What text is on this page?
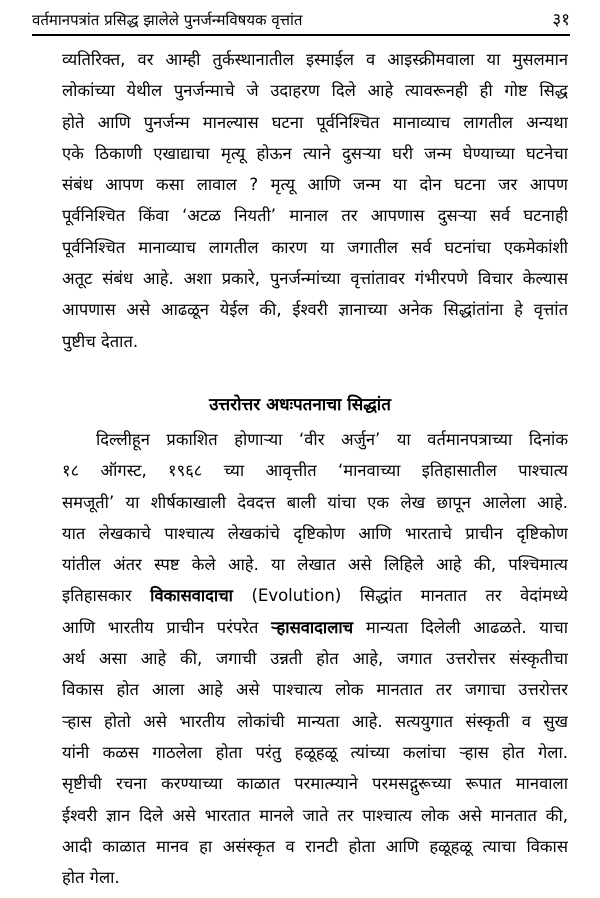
वर्तमानपत्रांत प्रसिद्ध झालेले पुनर्जन्मविषयक वृत्तांत	३१
व्यतिरिक्त, वर आम्ही तुर्कस्थानातील इस्माईल व आइस्क्रीमवाला या मुसलमान
लोकांच्या येथील पुनर्जन्माचे जे उदाहरण दिले आहे त्यावरूनही ही गोष्ट सिद्ध
होते आणि पुनर्जन्म मानल्यास घटना पूर्वनिश्चित मानाव्याच लागतील अन्यथा
एके ठिकाणी एखाद्याचा मृत्यू होऊन त्याने दुसऱ्या घरी जन्म घेण्याच्या घटनेचा
संबंध आपण कसा लावाल ? मृत्यू आणि जन्म या दोन घटना जर आपण
पूर्वनिश्चित किंवा ‘अटळ नियती’ मानाल तर आपणास दुसऱ्या सर्व घटनाही
पूर्वनिश्चित मानाव्याच लागतील कारण या जगातील सर्व घटनांचा एकमेकांशी
अतूट संबंध आहे. अशा प्रकारे, पुनर्जन्मांच्या वृत्तांतावर गंभीरपणे विचार केल्यास
आपणास असे आढळून येईल की, ईश्वरी ज्ञानाच्या अनेक सिद्धांतांना हे वृत्तांत
पुष्टीच देतात.
उत्तरोत्तर अधःपतनाचा सिद्धांत
दिल्लीहून प्रकाशित होणाऱ्या ‘वीर अर्जुन’ या वर्तमानपत्राच्या दिनांक
१८ ऑगस्ट, १९६८ च्या आवृत्तीत ‘मानवाच्या इतिहासातील पाश्चात्य
समजूती’ या शीर्षकाखाली देवदत्त बाली यांचा एक लेख छापून आलेला आहे.
यात लेखकाचे पाश्चात्य लेखकांचे दृष्टिकोण आणि भारताचे प्राचीन दृष्टिकोण
यांतील अंतर स्पष्ट केले आहे. या लेखात असे लिहिले आहे की, पश्चिमात्य
इतिहासकार विकासवादाचा (Evolution) सिद्धांत मानतात तर वेदांमध्ये
आणि भारतीय प्राचीन परंपरेत ऱ्हासवादालाच मान्यता दिलेली आढळते. याचा
अर्थ असा आहे की, जगाची उन्नती होत आहे, जगात उत्तरोत्तर संस्कृतीचा
विकास होत आला आहे असे पाश्चात्य लोक मानतात तर जगाचा उत्तरोत्तर
ऱ्हास होतो असे भारतीय लोकांची मान्यता आहे. सत्ययुगात संस्कृती व सुख
यांनी कळस गाठलेला होता परंतु हळूहळू त्यांच्या कलांचा ऱ्हास होत गेला.
सृष्टीची रचना करण्याच्या काळात परमात्म्याने परमसद्गुरूच्या रूपात मानवाला
ईश्वरी ज्ञान दिले असे भारतात मानले जाते तर पाश्चात्य लोक असे मानतात की,
आदी काळात मानव हा असंस्कृत व रानटी होता आणि हळूहळू त्याचा विकास
होत गेला.
